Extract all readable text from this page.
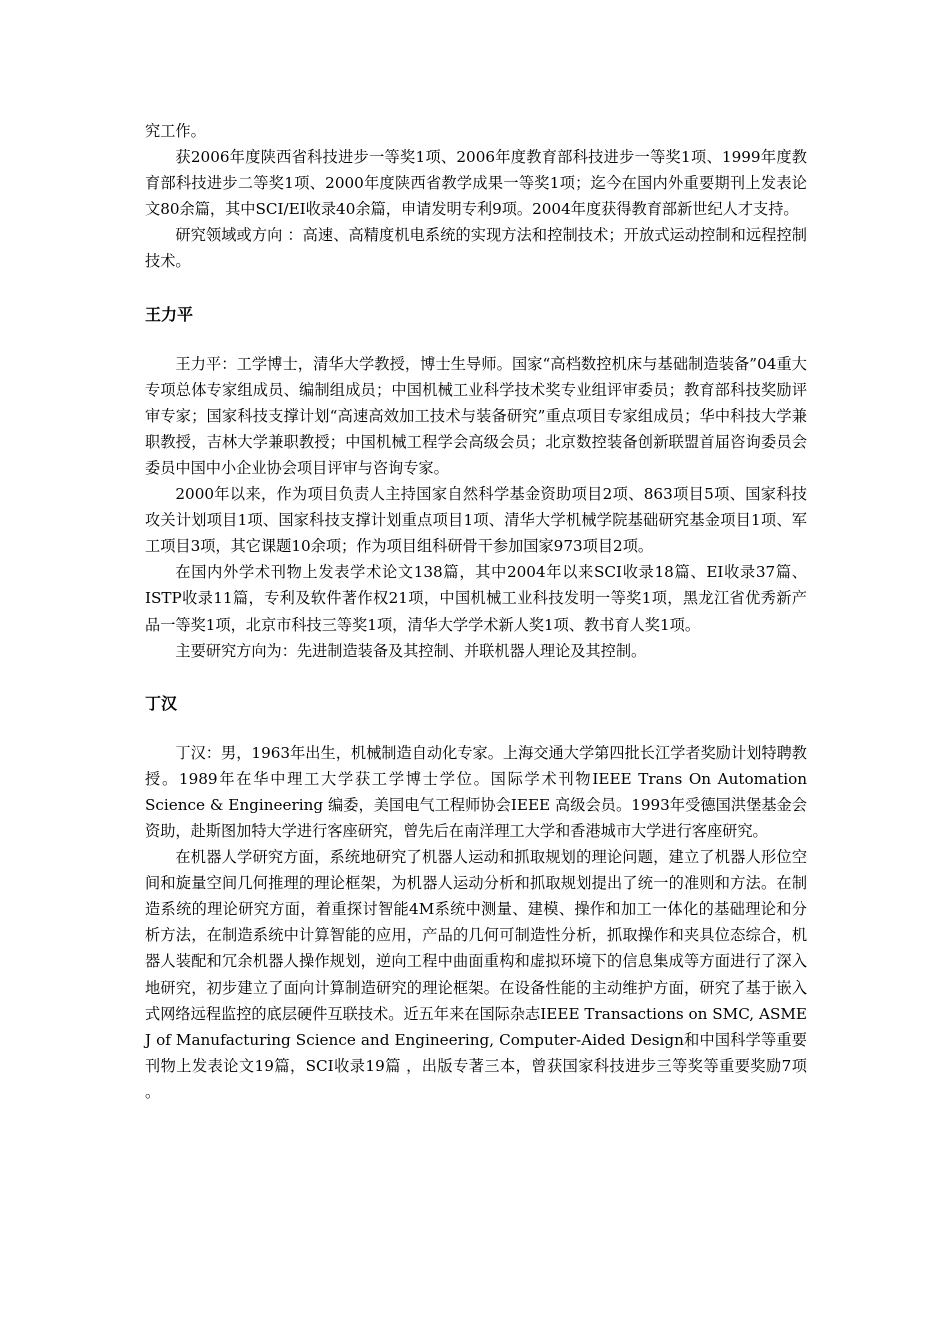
究工作。

获2006年度陕西省科技进步一等奖1项、2006年度教育部科技进步一等奖1项、1999年度教育部科技进步二等奖1项、2000年度陕西省教学成果一等奖1项；迄今在国内外重要期刊上发表论文80余篇，其中SCI/EI收录40余篇，申请发明专利9项。2004年度获得教育部新世纪人才支持。

研究领域或方向 ：高速、高精度机电系统的实现方法和控制技术；开放式运动控制和远程控制技术。

王力平

王力平：工学博士，清华大学教授，博士生导师。国家“高档数控机床与基础制造装备”04重大专项总体专家组成员、编制组成员；中国机械工业科学技术奖专业组评审委员；教育部科技奖励评审专家；国家科技支撑计划“高速高效加工技术与装备研究”重点项目专家组成员；华中科技大学兼职教授，吉林大学兼职教授；中国机械工程学会高级会员；北京数控装备创新联盟首届咨询委员会委员中国中小企业协会项目评审与咨询专家。

2000年以来，作为项目负责人主持国家自然科学基金资助项目2项、863项目5项、国家科技攻关计划项目1项、国家科技支撑计划重点项目1项、清华大学机械学院基础研究基金项目1项、军工项目3项，其它课题10余项；作为项目组科研骨干参加国家973项目2项。

在国内外学术刊物上发表学术论文138篇，其中2004年以来SCI收录18篇、EI收录37篇、ISTP收录11篇，专利及软件著作权21项，中国机械工业科技发明一等奖1项，黑龙江省优秀新产品一等奖1项，北京市科技三等奖1项，清华大学学术新人奖1项、教书育人奖1项。

主要研究方向为：先进制造装备及其控制、并联机器人理论及其控制。

丁汉

丁汉：男，1963年出生，机械制造自动化专家。上海交通大学第四批长江学者奖励计划特聘教授。1989年在华中理工大学获工学博士学位。国际学术刊物IEEE Trans On Automation Science & Engineering 编委，美国电气工程师协会IEEE 高级会员。1993年受德国洪堡基金会资助，赴斯图加特大学进行客座研究，曾先后在南洋理工大学和香港城市大学进行客座研究。

在机器人学研究方面，系统地研究了机器人运动和抓取规划的理论问题，建立了机器人形位空间和旋量空间几何推理的理论框架，为机器人运动分析和抓取规划提出了统一的准则和方法。在制造系统的理论研究方面，着重探讨智能4M系统中测量、建模、操作和加工一体化的基础理论和分析方法，在制造系统中计算智能的应用，产品的几何可制造性分析，抓取操作和夹具位态综合，机器人装配和冗余机器人操作规划，逆向工程中曲面重构和虚拟环境下的信息集成等方面进行了深入地研究，初步建立了面向计算制造研究的理论框架。在设备性能的主动维护方面，研究了基于嵌入式网络远程监控的底层硬件互联技术。近五年来在国际杂志IEEE Transactions on SMC, ASME J of Manufacturing Science and Engineering, Computer-Aided Design和中国科学等重要刊物上发表论文19篇，SCI收录19篇 ，出版专著三本，曾获国家科技进步三等奖等重要奖励7项 。
